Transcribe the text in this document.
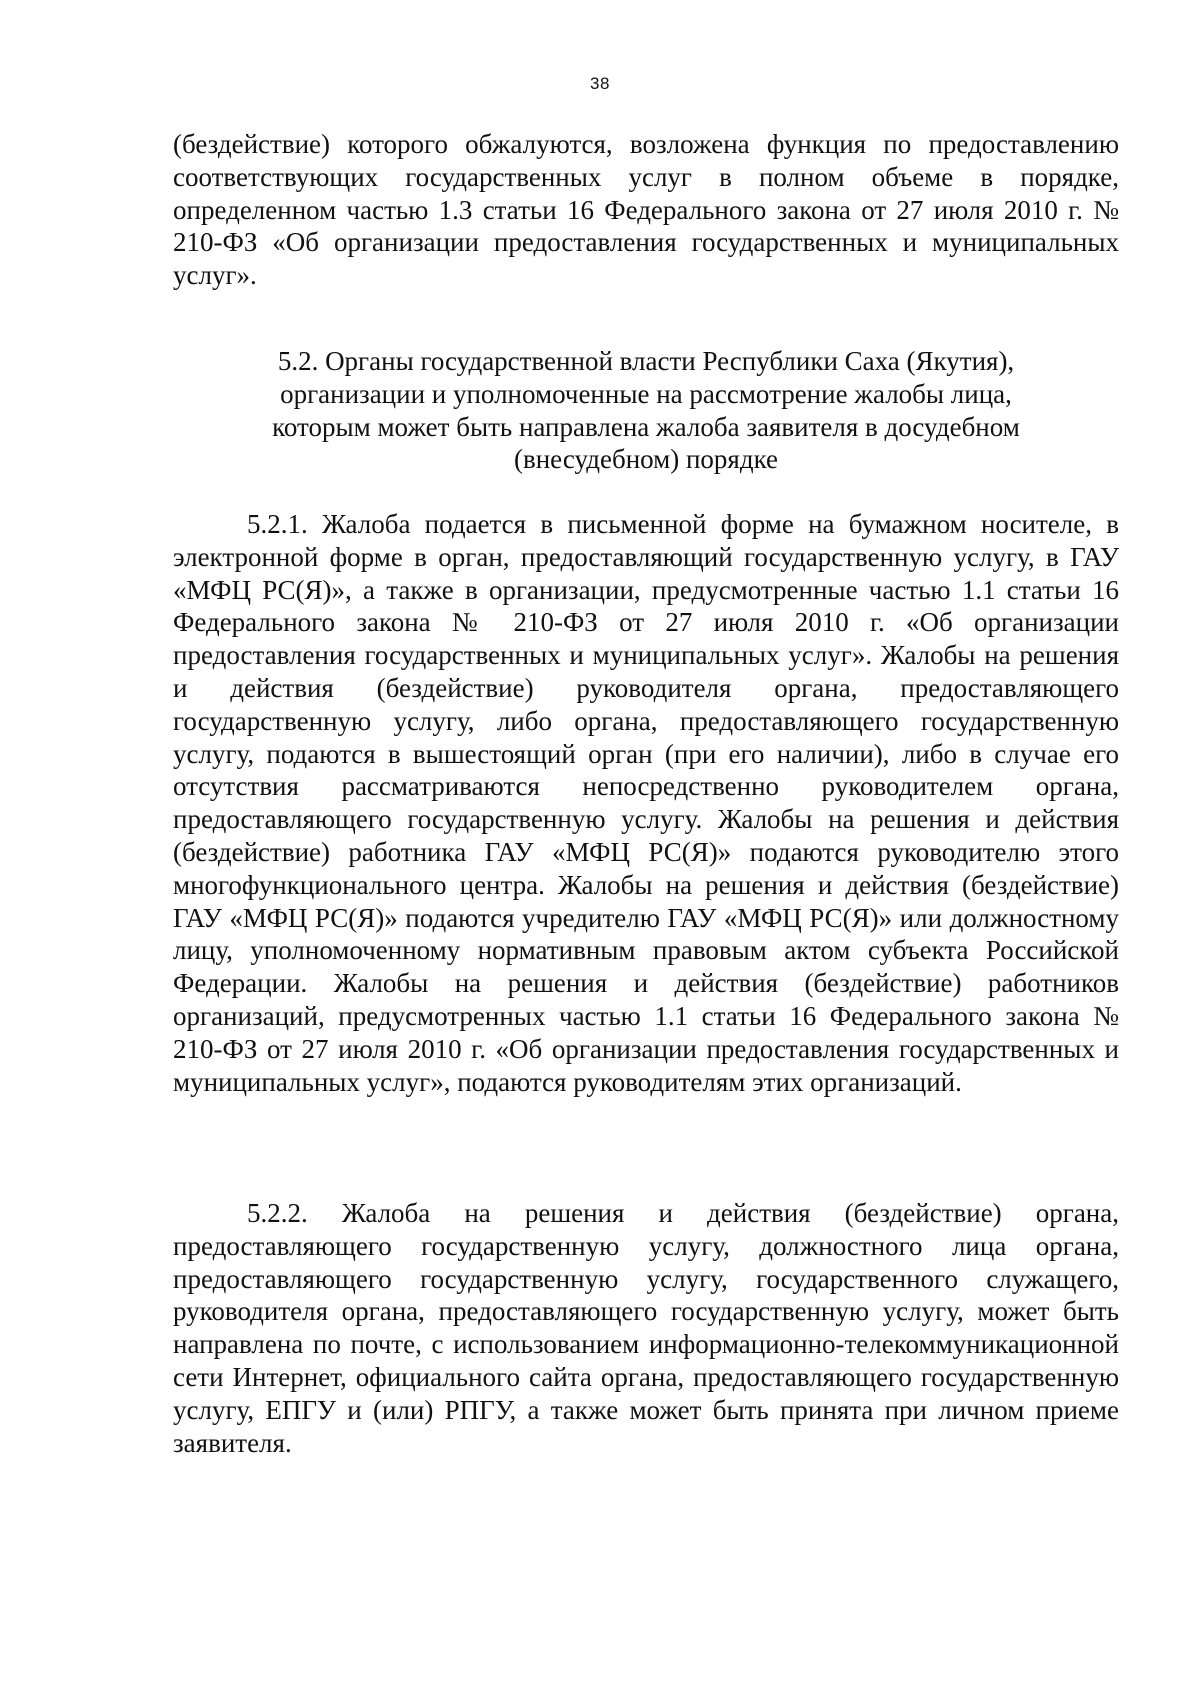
38
(бездействие) которого обжалуются, возложена функция по предоставлению соответствующих государственных услуг в полном объеме в порядке, определенном частью 1.3 статьи 16 Федерального закона от 27 июля 2010 г. № 210-ФЗ «Об организации предоставления государственных и муниципальных услуг».
5.2. Органы государственной власти Республики Саха (Якутия),
организации и уполномоченные на рассмотрение жалобы лица,
которым может быть направлена жалоба заявителя в досудебном
(внесудебном) порядке
5.2.1. Жалоба подается в письменной форме на бумажном носителе, в электронной форме в орган, предоставляющий государственную услугу, в ГАУ «МФЦ РС(Я)», а также в организации, предусмотренные частью 1.1 статьи 16 Федерального закона № 210-ФЗ от 27 июля 2010 г. «Об организации предоставления государственных и муниципальных услуг». Жалобы на решения и действия (бездействие) руководителя органа, предоставляющего государственную услугу, либо органа, предоставляющего государственную услугу, подаются в вышестоящий орган (при его наличии), либо в случае его отсутствия рассматриваются непосредственно руководителем органа, предоставляющего государственную услугу. Жалобы на решения и действия (бездействие) работника ГАУ «МФЦ РС(Я)» подаются руководителю этого многофункционального центра. Жалобы на решения и действия (бездействие) ГАУ «МФЦ РС(Я)» подаются учредителю ГАУ «МФЦ РС(Я)» или должностному лицу, уполномоченному нормативным правовым актом субъекта Российской Федерации. Жалобы на решения и действия (бездействие) работников организаций, предусмотренных частью 1.1 статьи 16 Федерального закона № 210-ФЗ от 27 июля 2010 г. «Об организации предоставления государственных и муниципальных услуг», подаются руководителям этих организаций.
5.2.2. Жалоба на решения и действия (бездействие) органа, предоставляющего государственную услугу, должностного лица органа, предоставляющего государственную услугу, государственного служащего, руководителя органа, предоставляющего государственную услугу, может быть направлена по почте, с использованием информационно-телекоммуникационной сети Интернет, официального сайта органа, предоставляющего государственную услугу, ЕПГУ и (или) РПГУ, а также может быть принята при личном приеме заявителя.
